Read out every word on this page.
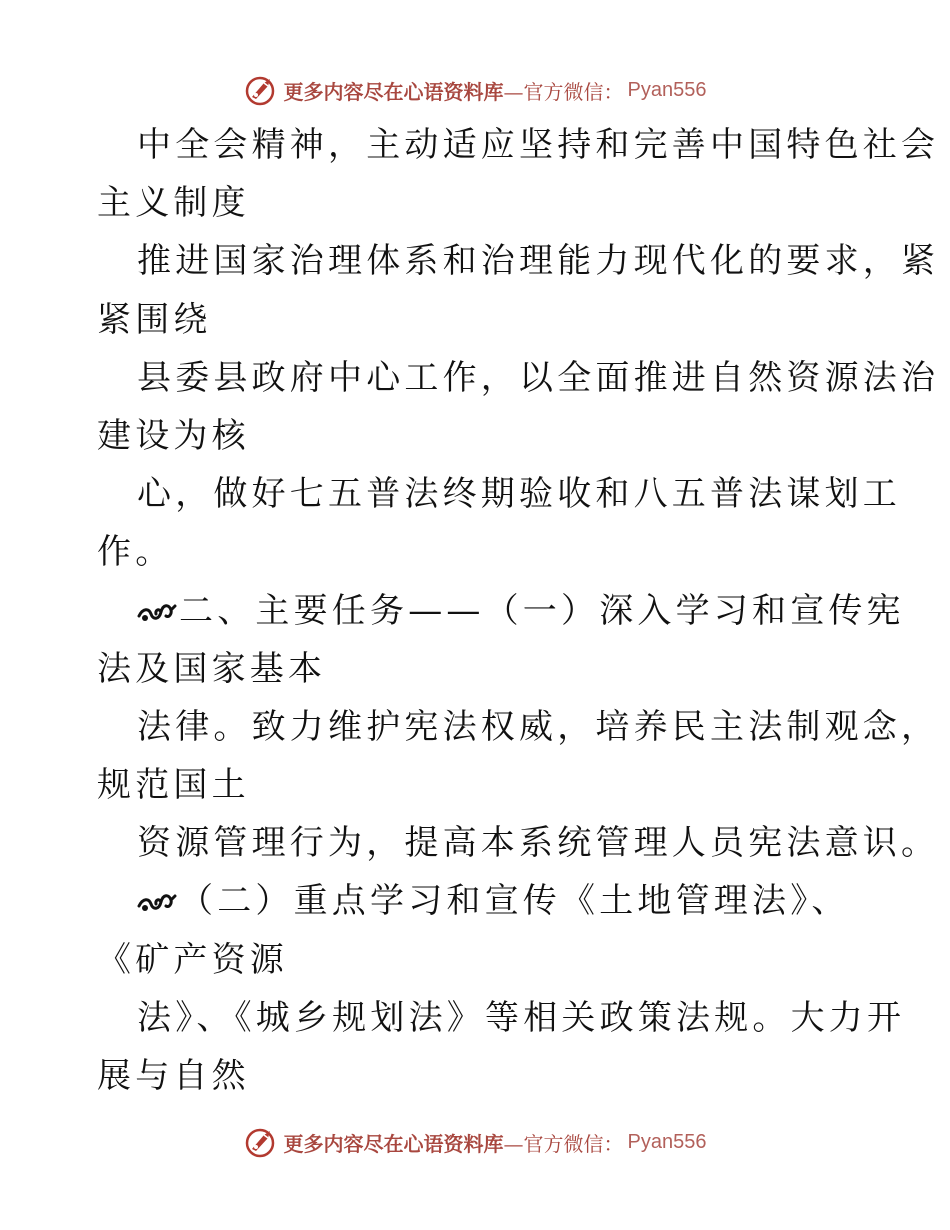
更多内容尽在心语资料库—官方微信： Pyan556
中全会精神，主动适应坚持和完善中国特色社会
主义制度
推进国家治理体系和治理能力现代化的要求，紧
紧围绕
县委县政府中心工作，以全面推进自然资源法治
建设为核
心，做好七五普法终期验收和八五普法谋划工
作。
二、主要任务——（一）深入学习和宣传宪
法及国家基本
法律。致力维护宪法权威，培养民主法制观念，
规范国土
资源管理行为，提高本系统管理人员宪法意识。
（二）重点学习和宣传《土地管理法》、
《矿产资源
法》、《城乡规划法》等相关政策法规。大力开
展与自然
更多内容尽在心语资料库—官方微信： Pyan556
